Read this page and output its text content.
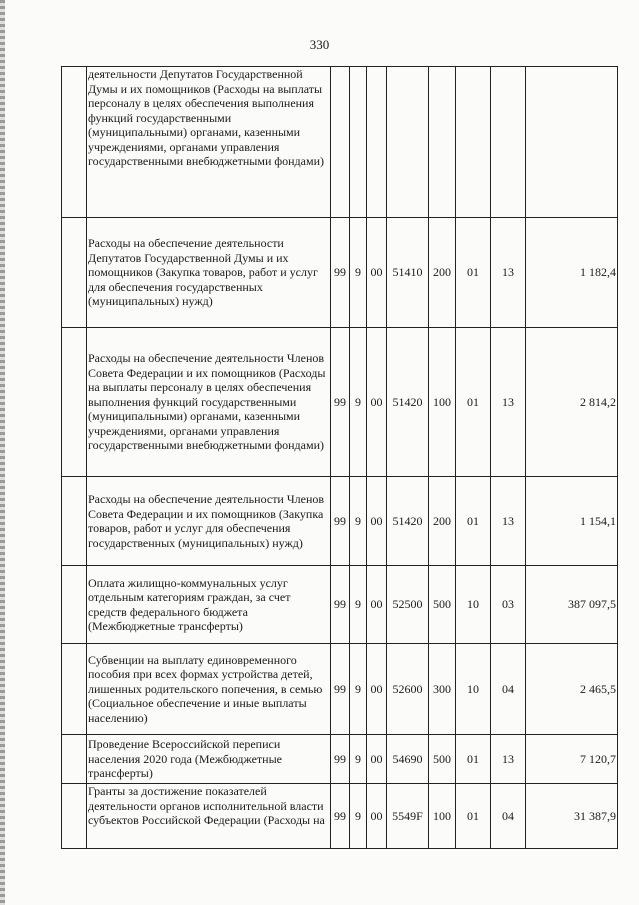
330

	деятельности Депутатов Государственной Думы и их помощников (Расходы на выплаты персоналу в целях обеспечения выполнения функций государственными (муниципальными) органами, казенными учреждениями, органами управления государственными внебюджетными фондами)								

	Расходы на обеспечение деятельности Депутатов Государственной Думы и их помощников (Закупка товаров, работ и услуг для обеспечения государственных (муниципальных) нужд)	99	9	00	51410	200	01	13	1 182,4

	Расходы на обеспечение деятельности Членов Совета Федерации и их помощников (Расходы на выплаты персоналу в целях обеспечения выполнения функций государственными (муниципальными) органами, казенными учреждениями, органами управления государственными внебюджетными фондами)	99	9	00	51420	100	01	13	2 814,2

	Расходы на обеспечение деятельности Членов Совета Федерации и их помощников (Закупка товаров, работ и услуг для обеспечения государственных (муниципальных) нужд)	99	9	00	51420	200	01	13	1 154,1

	Оплата жилищно-коммунальных услуг отдельным категориям граждан, за счет средств федерального бюджета (Межбюджетные трансферты)	99	9	00	52500	500	10	03	387 097,5

	Субвенции на выплату единовременного пособия при всех формах устройства детей, лишенных родительского попечения, в семью (Социальное обеспечение и иные выплаты населению)	99	9	00	52600	300	10	04	2 465,5

	Проведение Всероссийской переписи населения 2020 года (Межбюджетные трансферты)	99	9	00	54690	500	01	13	7 120,7

	Гранты за достижение показателей деятельности органов исполнительной власти субъектов Российской Федерации (Расходы на	99	9	00	5549F	100	01	04	31 387,9
